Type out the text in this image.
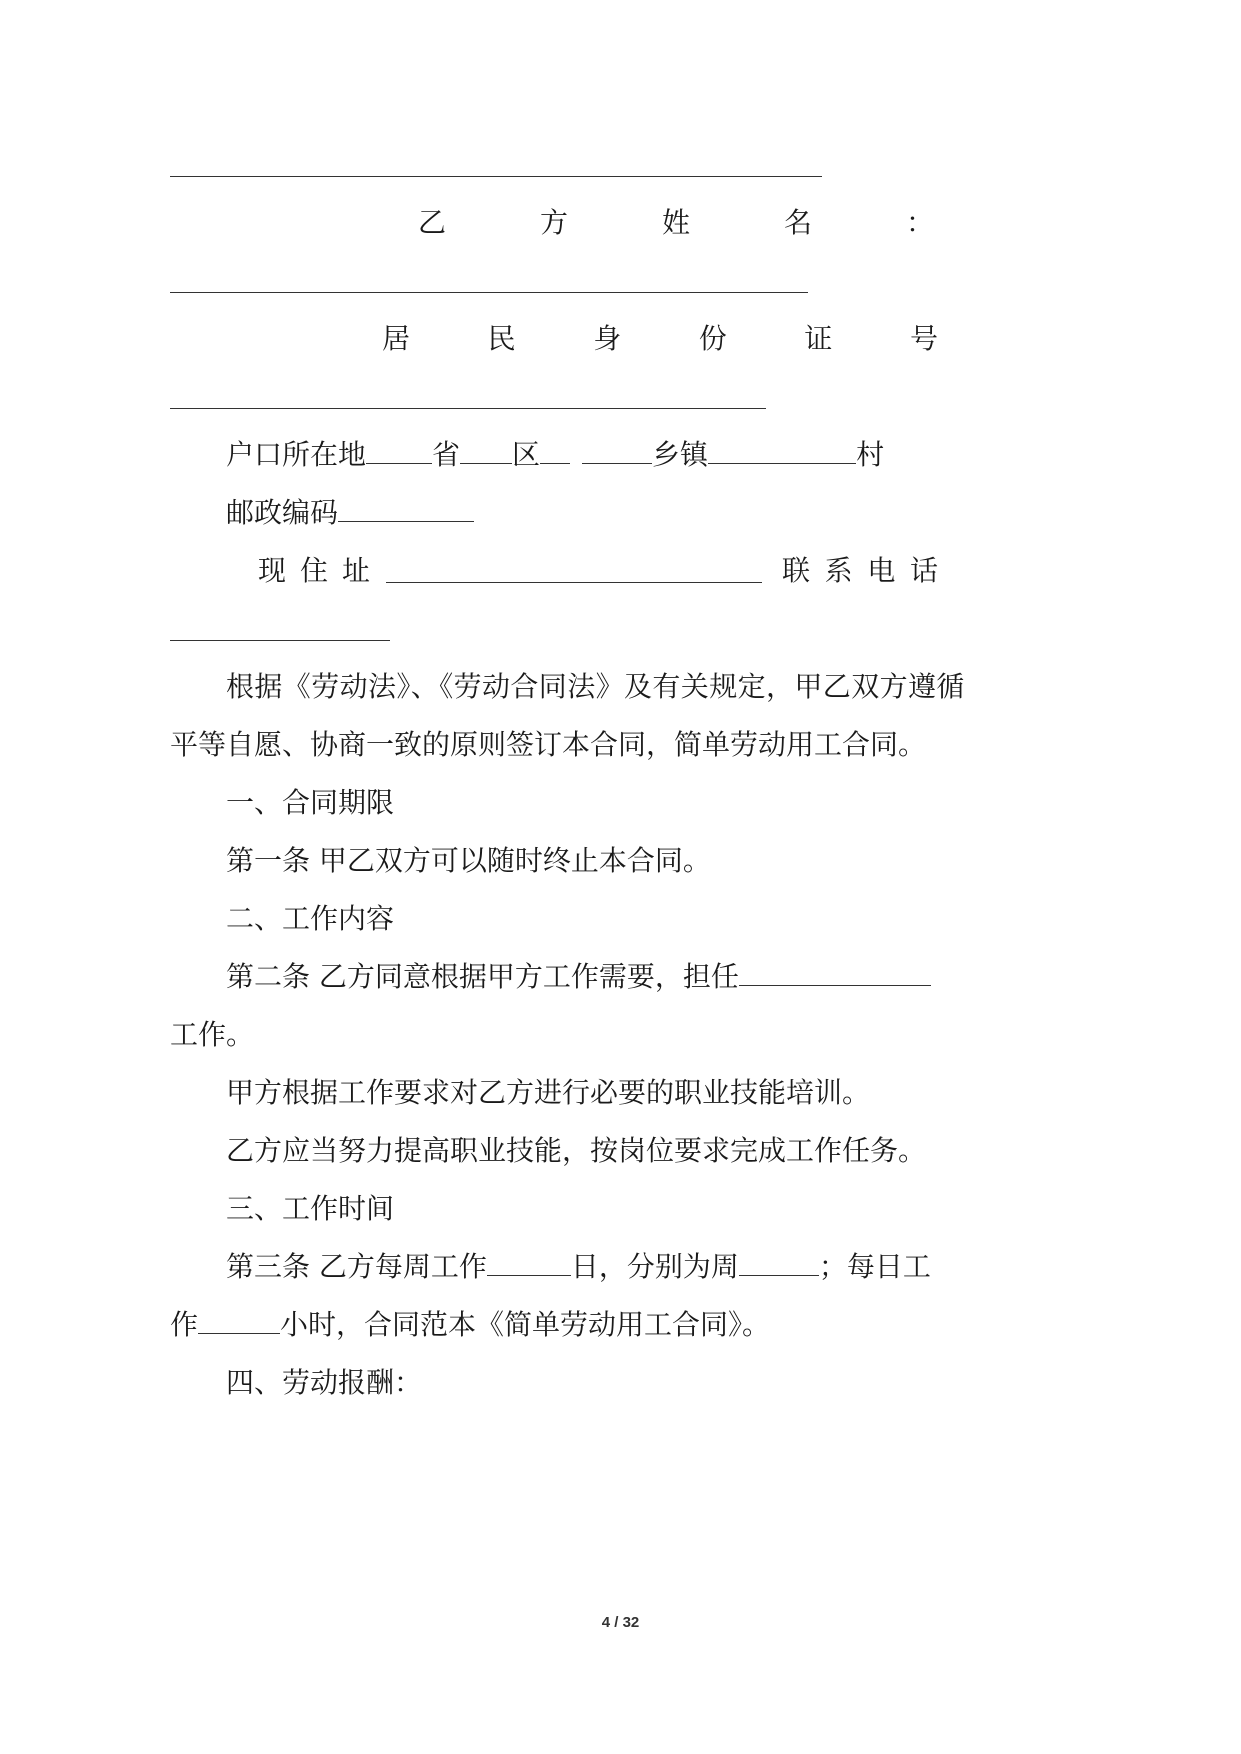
乙	方	姓	名	：
居	民	身	份	证	号
户口所在地 省 区	乡镇	村
邮政编码
现 住 址	联 系 电 话
根据《劳动法》、《劳动合同法》及有关规定，甲乙双方遵循
平等自愿、协商一致的原则签订本合同，简单劳动用工合同。
一、合同期限
第一条 甲乙双方可以随时终止本合同。
二、工作内容
第二条 乙方同意根据甲方工作需要，担任
工作。
甲方根据工作要求对乙方进行必要的职业技能培训。
乙方应当努力提高职业技能，按岗位要求完成工作任务。
三、工作时间
第三条 乙方每周工作	日，分别为周	；每日工
作	小时，合同范本《简单劳动用工合同》。
四、劳动报酬：
4 / 32
